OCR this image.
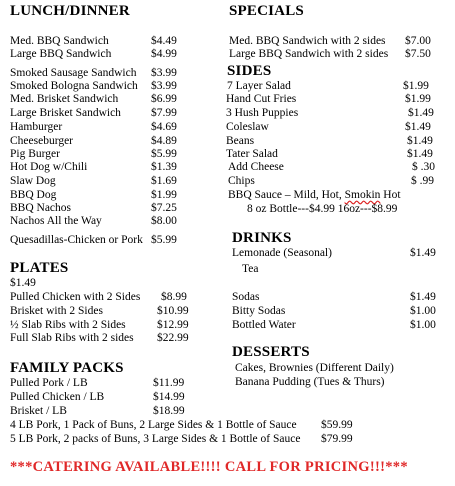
LUNCH/DINNER
Med. BBQ Sandwich	$4.49
Large BBQ Sandwich	$4.99
Smoked Sausage Sandwich $3.99
Smoked Bologna Sandwich $3.99
Med. Brisket Sandwich	$6.99
Large Brisket Sandwich	$7.99
Hamburger	$4.69
Cheeseburger	$4.89
Pig Burger	$5.99
Hot Dog w/Chili	$1.39
Slaw Dog	$1.69
BBQ Dog	$1.99
BBQ Nachos	$7.25
Nachos All the Way	$8.00
Quesadillas-Chicken or Pork $5.99
PLATES
$1.49
Pulled Chicken with 2 Sides $8.99
Brisket with 2 Sides	$10.99
½ Slab Ribs with 2 Sides	$12.99
Full Slab Ribs with 2 sides $22.99
FAMILY PACKS
Pulled Pork / LB	$11.99
Pulled Chicken / LB	$14.99
Brisket / LB	$18.99
4 LB Pork, 1 Pack of Buns, 2 Large Sides & 1 Bottle of Sauce $59.99
5 LB Pork, 2 packs of Buns, 3 Large Sides & 1 Bottle of Sauce $79.99
SPECIALS
Med. BBQ Sandwich with 2 sides $7.00
Large BBQ Sandwich with 2 sides $7.50
SIDES
7 Layer Salad	$1.99
Hand Cut Fries	$1.99
3 Hush Puppies	$1.49
Coleslaw	$1.49
Beans	$1.49
Tater Salad	$1.49
Add Cheese	$ .30
Chips	$ .99
BBQ Sauce – Mild, Hot, Smokin Hot
8 oz Bottle---$4.99 16oz---$8.99
DRINKS
Lemonade (Seasonal)	$1.49
Tea
Sodas	$1.49
Bitty Sodas	$1.00
Bottled Water	$1.00
DESSERTS
Cakes, Brownies (Different Daily)
Banana Pudding (Tues & Thurs)
***CATERING AVAILABLE!!!! CALL FOR PRICING!!!***
